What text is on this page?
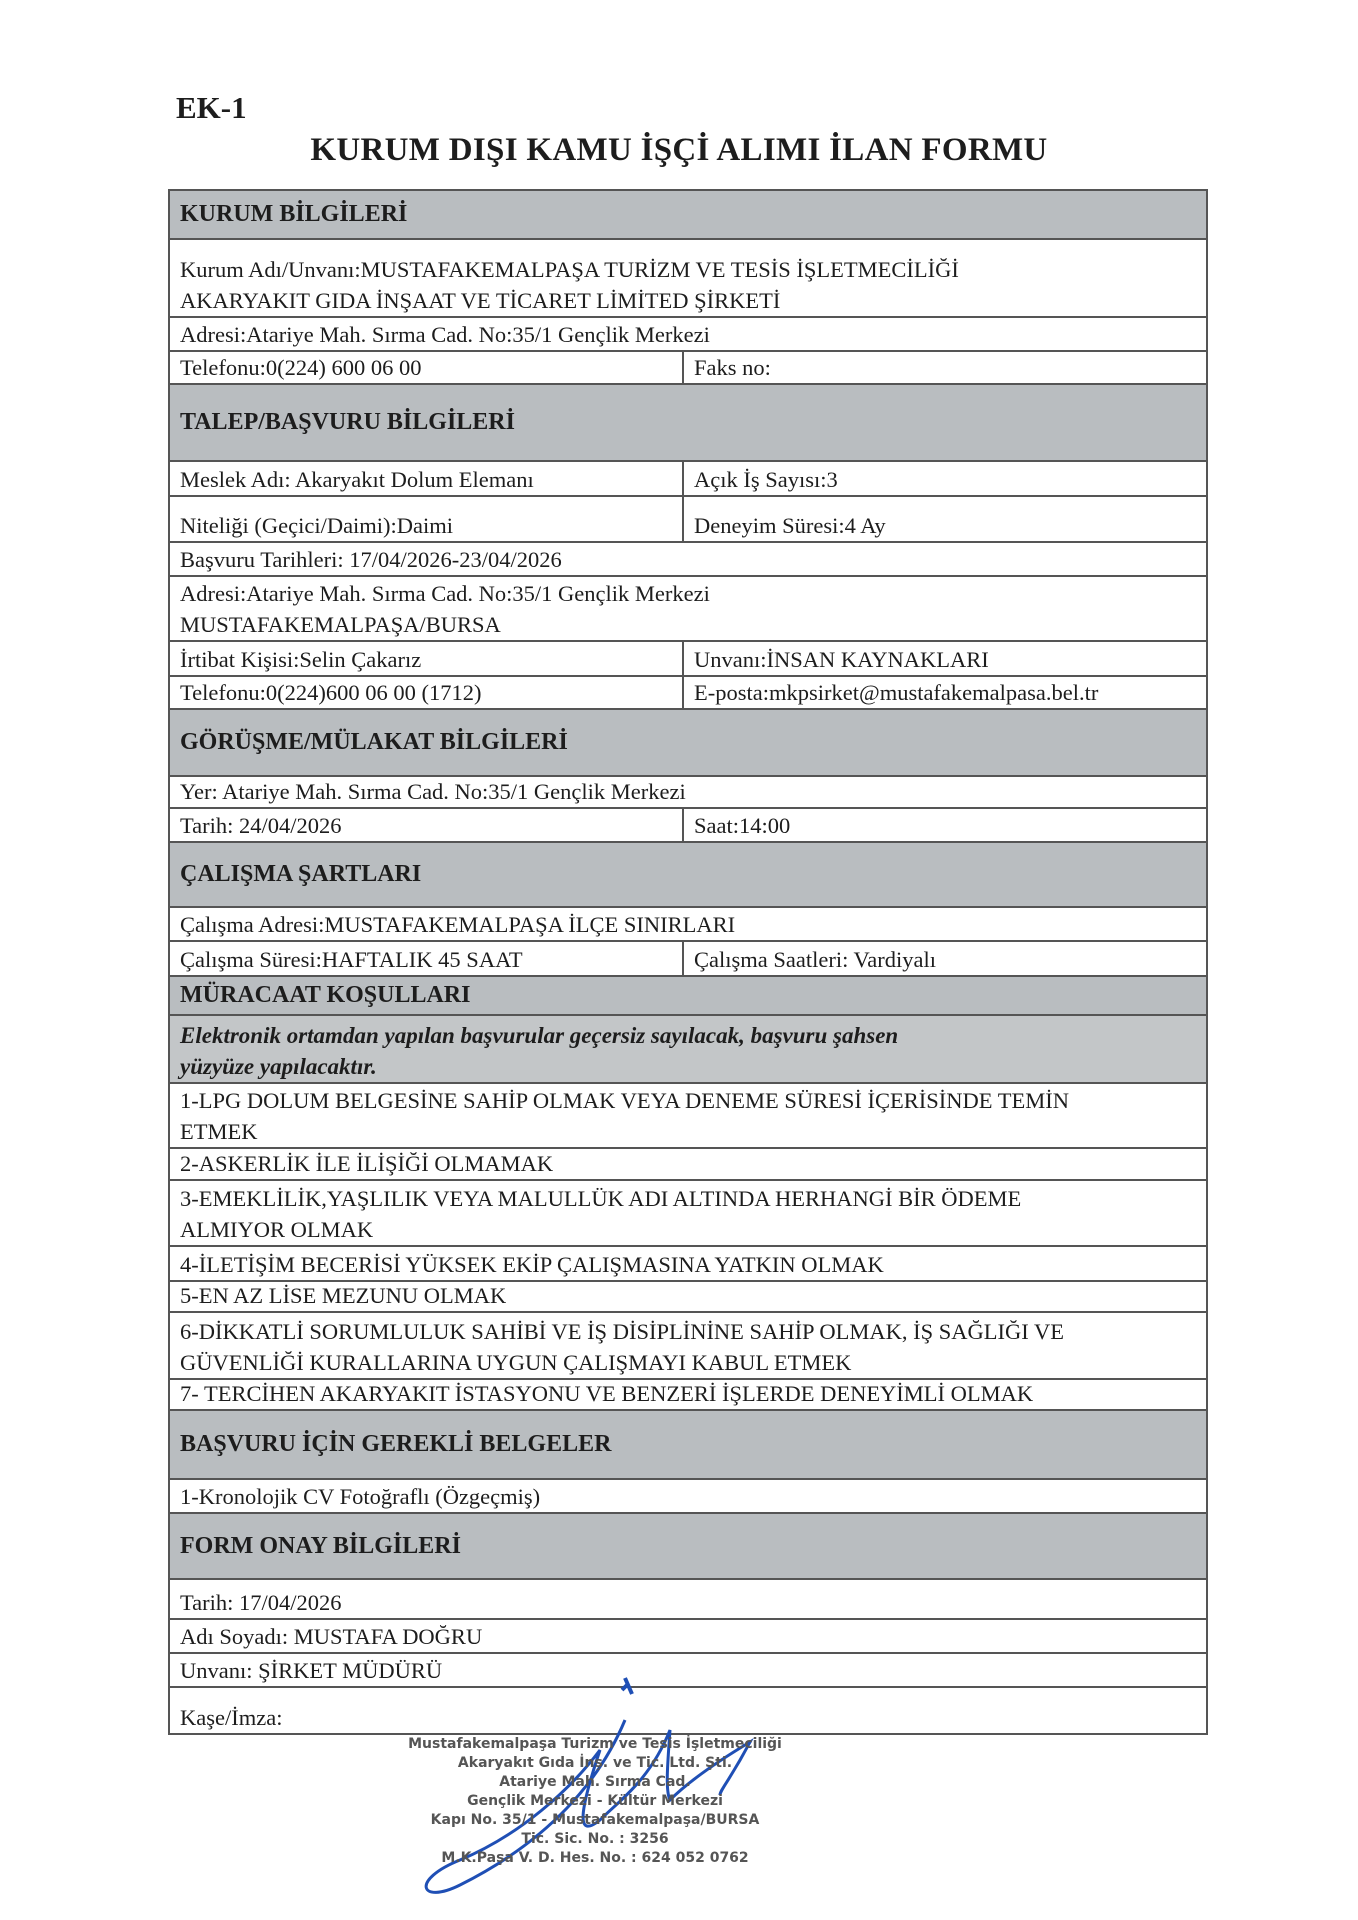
EK-1
KURUM DIŞI KAMU İŞÇİ ALIMI İLAN FORMU
KURUM BİLGİLERİ
Kurum Adı/Unvanı:MUSTAFAKEMALPAŞA TURİZM VE TESİS İŞLETMECİLİĞİ
AKARYAKIT GIDA İNŞAAT VE TİCARET LİMİTED ŞİRKETİ
Adresi:Atariye Mah. Sırma Cad. No:35/1 Gençlik Merkezi
Telefonu:0(224) 600 06 00	Faks no:
TALEP/BAŞVURU BİLGİLERİ
Meslek Adı: Akaryakıt Dolum Elemanı	Açık İş Sayısı:3
Niteliği (Geçici/Daimi):Daimi	Deneyim Süresi:4 Ay
Başvuru Tarihleri: 17/04/2026-23/04/2026
Adresi:Atariye Mah. Sırma Cad. No:35/1 Gençlik Merkezi
MUSTAFAKEMALPAŞA/BURSA
İrtibat Kişisi:Selin Çakarız	Unvanı:İNSAN KAYNAKLARI
Telefonu:0(224)600 06 00 (1712)	E-posta:mkpsirket@mustafakemalpasa.bel.tr
GÖRÜŞME/MÜLAKAT BİLGİLERİ
Yer: Atariye Mah. Sırma Cad. No:35/1 Gençlik Merkezi
Tarih: 24/04/2026	Saat:14:00
ÇALIŞMA ŞARTLARI
Çalışma Adresi:MUSTAFAKEMALPAŞA İLÇE SINIRLARI
Çalışma Süresi:HAFTALIK 45 SAAT	Çalışma Saatleri: Vardiyalı
MÜRACAAT KOŞULLARI
Elektronik ortamdan yapılan başvurular geçersiz sayılacak, başvuru şahsen
yüzyüze yapılacaktır.
1-LPG DOLUM BELGESİNE SAHİP OLMAK VEYA DENEME SÜRESİ İÇERİSİNDE TEMİN
ETMEK
2-ASKERLİK İLE İLİŞİĞİ OLMAMAK
3-EMEKLİLİK,YAŞLILIK VEYA MALULLÜK ADI ALTINDA HERHANGİ BİR ÖDEME
ALMIYOR OLMAK
4-İLETİŞİM BECERİSİ YÜKSEK EKİP ÇALIŞMASINA YATKIN OLMAK
5-EN AZ LİSE MEZUNU OLMAK
6-DİKKATLİ SORUMLULUK SAHİBİ VE İŞ DİSİPLİNİNE SAHİP OLMAK, İŞ SAĞLIĞI VE
GÜVENLİĞİ KURALLARINA UYGUN ÇALIŞMAYI KABUL ETMEK
7- TERCİHEN AKARYAKIT İSTASYONU VE BENZERİ İŞLERDE DENEYİMLİ OLMAK
BAŞVURU İÇİN GEREKLİ BELGELER
1-Kronolojik CV Fotoğraflı (Özgeçmiş)
FORM ONAY BİLGİLERİ
Tarih: 17/04/2026
Adı Soyadı: MUSTAFA DOĞRU
Unvanı: ŞİRKET MÜDÜRÜ
Kaşe/İmza:
Mustafakemalpaşa Turizm ve Tesis İşletmeciliği
Akaryakıt Gıda İnş. ve Tic. Ltd. Şti.
Atariye Mah. Sırma Cad.
Gençlik Merkezi - Kültür Merkezi
Kapı No. 35/1 - Mustafakemalpaşa/BURSA
Tic. Sic. No. : 3256
M.K.Paşa V. D. Hes. No. : 624 052 0762
